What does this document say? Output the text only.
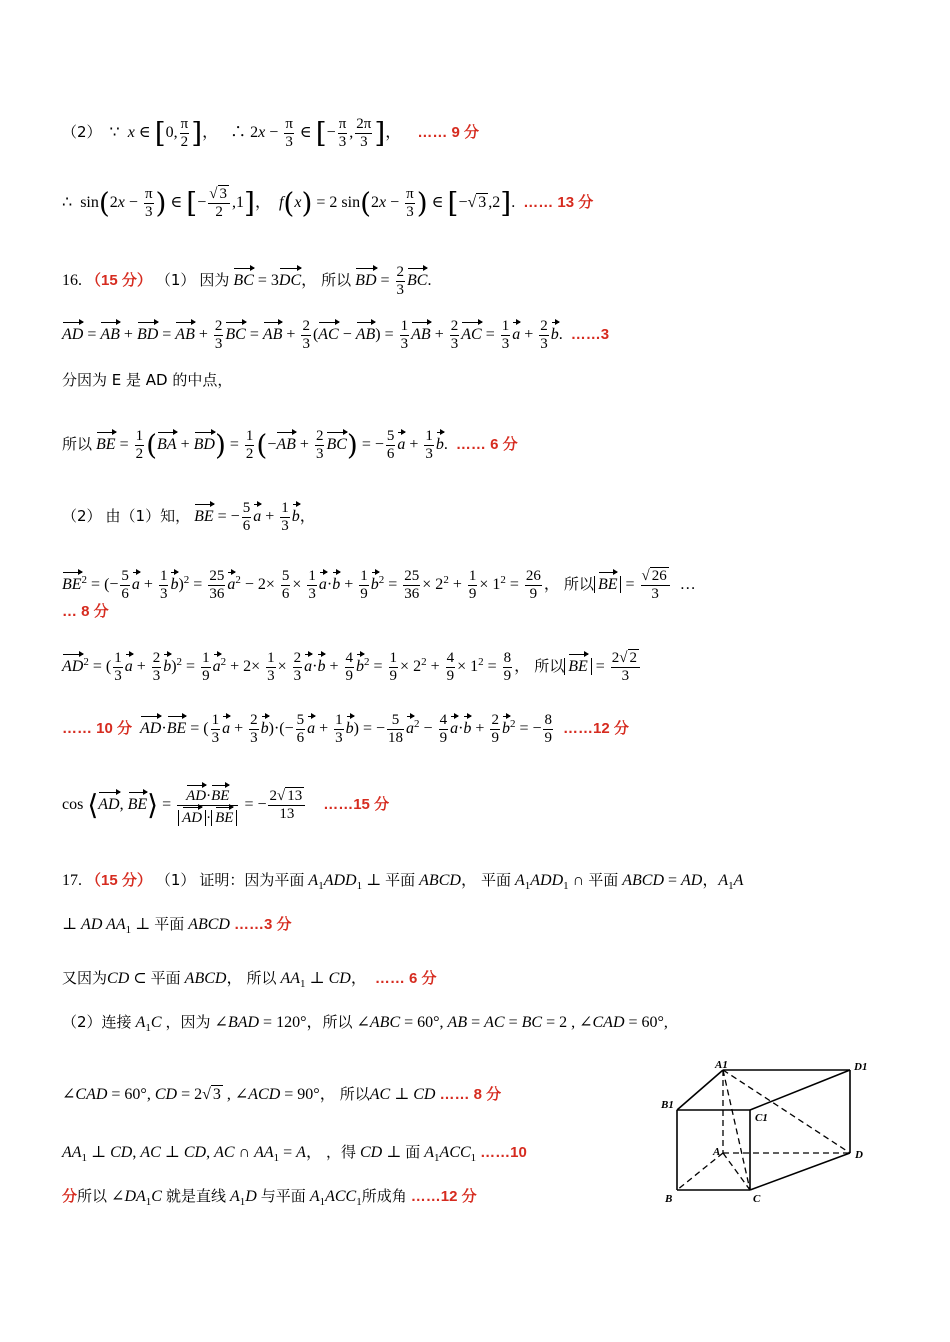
（2） ∵ x ∈ [0, $\frac{\pi}{2}$ ]，   ∴ $2x - \frac{\pi}{3}$ ∈ [− $\frac{\pi}{3}$ , $\frac{2\pi}{3}$ ]，    …… 9 分
∴  $\sin(2x - \frac{\pi}{3}$ ) ∈ [− $\frac{√ 3}{2} ,1$]，  f(x) = 2 $\sin(2x - \frac{\pi}{3}$ ) ∈ [−√ 3 ,2].  …… 13 分
16. （15 分） （1） 因为 BC = 3DC， 所以 BD = $\frac{2}{3}$ BC.
AD = AB + BD = AB + $\frac{2}{3}$ BC = AB + $\frac{2}{3} (AC - AB) = \frac{1}{3}$ AB + $\frac{2}{3}$ AC = $\frac{1}{3}$ $a + \frac{2}{3} b$.  ……3
分因为 E 是 AD 的中点，
所以 BE = $\frac{1}{2} (BA + BD) = \frac{1}{2} (-AB + \frac{2}{3} BC)$ = − $\frac{5}{6}$ $a + \frac{1}{3} b$.  …… 6 分
（2） 由（1）知， BE = − $\frac{5}{6}$ $a + \frac{1}{3}$ b，
$BE^2$ = (− $\frac{5}{6}$ $a + \frac{1}{3} b)^2 = \frac{25}{36} a^2 - 2\times \frac{5}{6} \times \frac{1}{3} a\cdot b + \frac{1}{9} b^2 = \frac{25}{36} \times 2^2 + \frac{1}{9} \times 1^2 = \frac{26}{9}$ ， 所以 BE = $\frac{√ 26}{3}$ …
… 8 分
$AD^2$ = ( $\frac{1}{3}$ $a + \frac{2}{3} b)^2 = \frac{1}{9} a^2 + 2\times \frac{1}{3} \times \frac{2}{3} a\cdot b + \frac{4}{9} b^2 = \frac{1}{9} \times 2^2 + \frac{4}{9} \times 1^2 = \frac{8}{9}$ ， 所以 BE = $\frac{2√ 2}{3}$
…… 10 分 AD·BE = ( $\frac{1}{3}$ $a + \frac{2}{3} b)\cdot(- \frac{5}{6}$ $a + \frac{1}{3} b$) = − $\frac{5}{18} a^2 - \frac{4}{9} a\cdot b + \frac{2}{9} b^2$ = − $\frac{8}{9}$ ……12 分
cos ⟨AD, BE⟩ = $\frac{AD\cdot BE}{AD \cdot BE}$ = − $\frac{2√ 13}{13}$ ……15 分
17. （15 分） （1） 证明：因为平面 $A_1ADD_1$ ⊥ 平面 ABCD， 平面 $A_1ADD_1$ ∩ 平面 ABCD = AD，$A_1A$
⊥ AD $AA_1$ ⊥ 平面 ABCD ……3 分
又因为CD ⊂ 平面 ABCD， 所以 $AA_1$ ⊥ CD，  …… 6 分
（2）连接 $A_1C$ ，因为 ∠BAD = 120°，所以 ∠ABC = 60°, AB = AC = BC = 2 , ∠CAD = 60°,
∠CAD = 60°, CD = 2√ 3 , ∠ACD = 90°， 所以AC ⊥ CD …… 8 分
$AA_1$ ⊥ CD, AC ⊥ CD, AC ∩ $AA_1 = A$， ，得 CD ⊥ 面 $A_1ACC_1$ ……10
分所以 $\angle DA_1C$ 就是直线 $A_1D$ 与平面 $A_1ACC_1$所成角 ……12 分
A1	D1
B1
C1
A	D
B	C
